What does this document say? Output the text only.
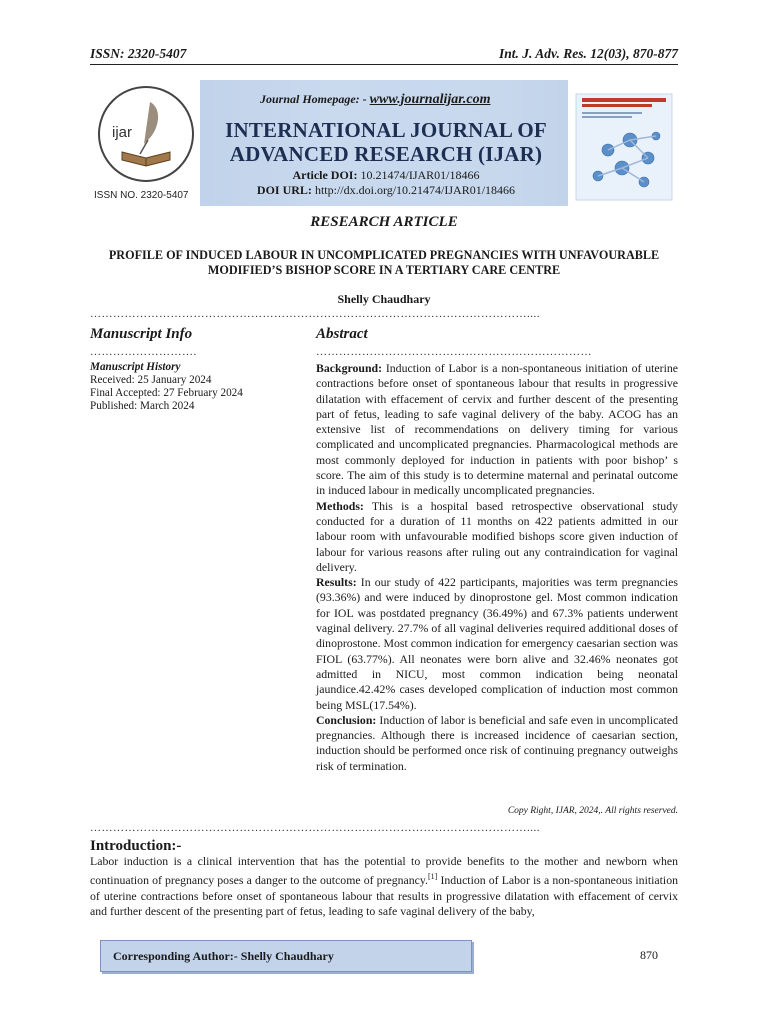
ISSN: 2320-5407	Int. J. Adv. Res. 12(03), 870-877
ijar
ISSN NO. 2320-5407
Journal Homepage: - www.journalijar.com
INTERNATIONAL JOURNAL OF
ADVANCED RESEARCH (IJAR)
Article DOI: 10.21474/IJAR01/18466
DOI URL: http://dx.doi.org/10.21474/IJAR01/18466
RESEARCH ARTICLE
PROFILE OF INDUCED LABOUR IN UNCOMPLICATED PREGNANCIES WITH UNFAVOURABLE
MODIFIED’S BISHOP SCORE IN A TERTIARY CARE CENTRE
Shelly Chaudhary
……………………………………………………………………………………………………....
Manuscript Info	Abstract
……………………….	………………………………………………………………
Manuscript History
Received: 25 January 2024
Final Accepted: 27 February 2024
Published: March 2024

Background: Induction of Labor is a non-spontaneous initiation of uterine contractions before onset of spontaneous labour that results in progressive dilatation with effacement of cervix and further descent of the presenting part of fetus, leading to safe vaginal delivery of the baby. ACOG has an extensive list of recommendations on delivery timing for various complicated and uncomplicated pregnancies. Pharmacological methods are most commonly deployed for induction in patients with poor bishop’ s score. The aim of this study is to determine maternal and perinatal outcome in induced labour in medically uncomplicated pregnancies.

Methods: This is a hospital based retrospective observational study conducted for a duration of 11 months on 422 patients admitted in our labour room with unfavourable modified bishops score given induction of labour for various reasons after ruling out any contraindication for vaginal delivery.

Results: In our study of 422 participants, majorities was term pregnancies (93.36%) and were induced by dinoprostone gel. Most common indication for IOL was postdated pregnancy (36.49%) and 67.3% patients underwent vaginal delivery. 27.7% of all vaginal deliveries required additional doses of dinoprostone. Most common indication for emergency caesarian section was FIOL (63.77%). All neonates were born alive and 32.46% neonates got admitted in NICU, most common indication being neonatal jaundice.42.42% cases developed complication of induction most common being MSL(17.54%).

Conclusion: Induction of labor is beneficial and safe even in uncomplicated pregnancies. Although there is increased incidence of caesarian section, induction should be performed once risk of continuing pregnancy outweighs risk of termination.

Copy Right, IJAR, 2024,. All rights reserved.
……………………………………………………………………………………………………....
Introduction:-
Labor induction is a clinical intervention that has the potential to provide benefits to the mother and newborn when continuation of pregnancy poses a danger to the outcome of pregnancy.[1] Induction of Labor is a non-spontaneous initiation of uterine contractions before onset of spontaneous labour that results in progressive dilatation with effacement of cervix and further descent of the presenting part of fetus, leading to safe vaginal delivery of the baby,
Corresponding Author:- Shelly Chaudhary	870
